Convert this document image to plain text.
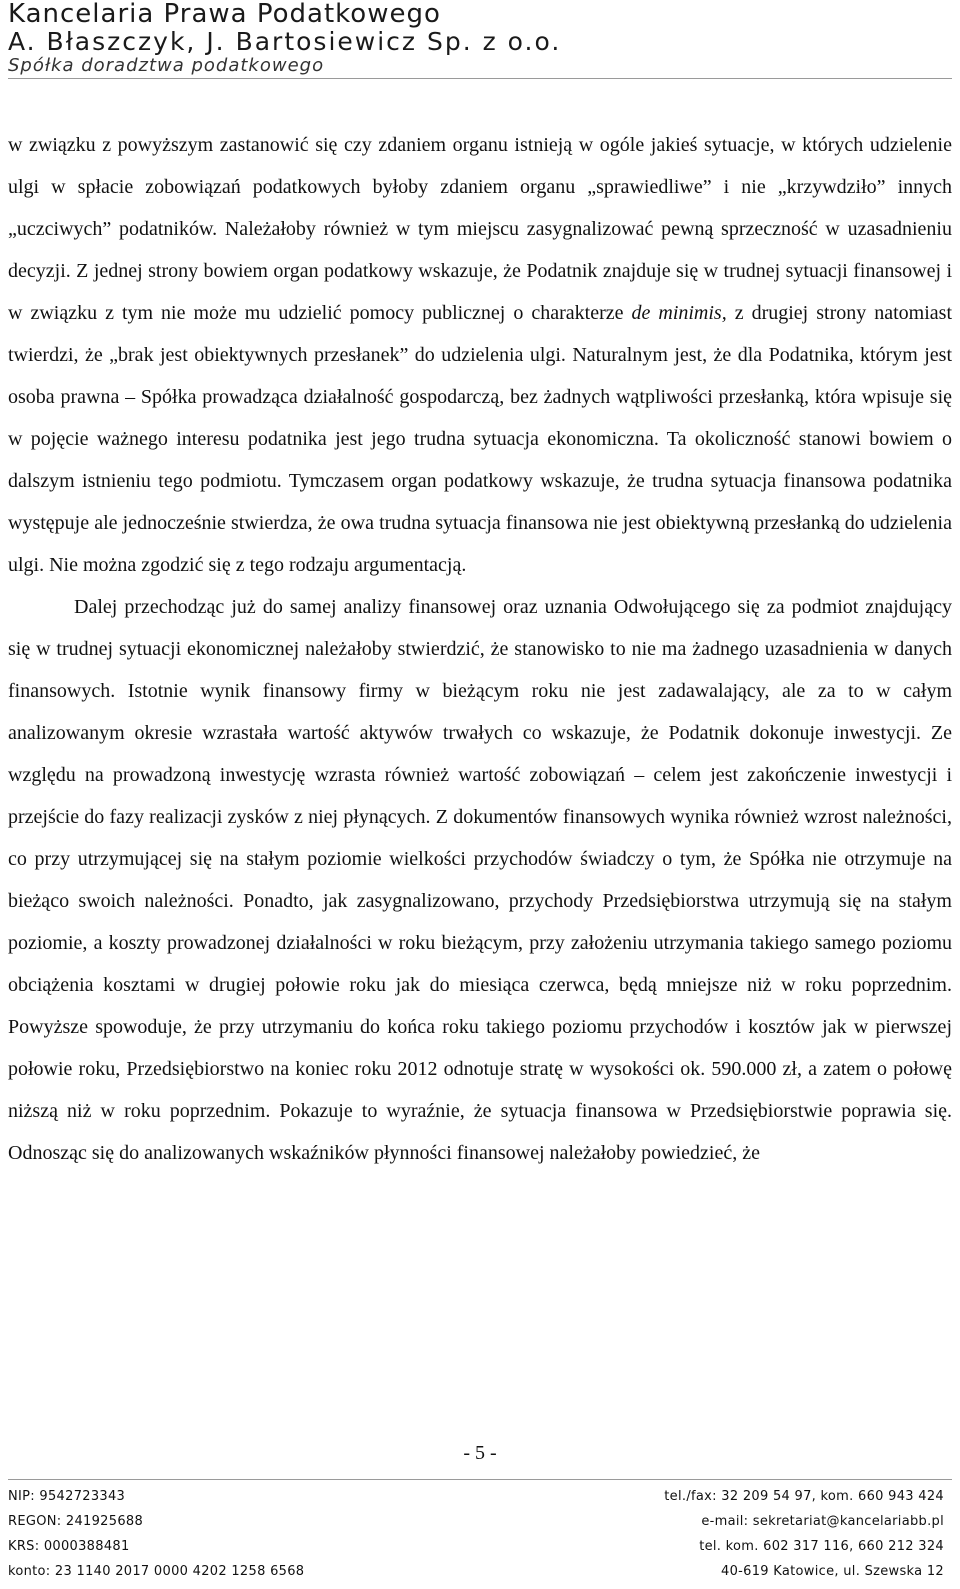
Kancelaria Prawa Podatkowego
A. Błaszczyk, J. Bartosiewicz Sp. z o.o.
Spółka doradztwa podatkowego

w związku z powyższym zastanowić się czy zdaniem organu istnieją w ogóle jakieś sytuacje, w których udzielenie ulgi w spłacie zobowiązań podatkowych byłoby zdaniem organu „sprawiedliwe” i nie „krzywdziło” innych „uczciwych” podatników. Należałoby również w tym miejscu zasygnalizować pewną sprzeczność w uzasadnieniu decyzji. Z jednej strony bowiem organ podatkowy wskazuje, że Podatnik znajduje się w trudnej sytuacji finansowej i w związku z tym nie może mu udzielić pomocy publicznej o charakterze de minimis, z drugiej strony natomiast twierdzi, że „brak jest obiektywnych przesłanek” do udzielenia ulgi. Naturalnym jest, że dla Podatnika, którym jest osoba prawna – Spółka prowadząca działalność gospodarczą, bez żadnych wątpliwości przesłanką, która wpisuje się w pojęcie ważnego interesu podatnika jest jego trudna sytuacja ekonomiczna. Ta okoliczność stanowi bowiem o dalszym istnieniu tego podmiotu. Tymczasem organ podatkowy wskazuje, że trudna sytuacja finansowa podatnika występuje ale jednocześnie stwierdza, że owa trudna sytuacja finansowa nie jest obiektywną przesłanką do udzielenia ulgi. Nie można zgodzić się z tego rodzaju argumentacją.

Dalej przechodząc już do samej analizy finansowej oraz uznania Odwołującego się za podmiot znajdujący się w trudnej sytuacji ekonomicznej należałoby stwierdzić, że stanowisko to nie ma żadnego uzasadnienia w danych finansowych. Istotnie wynik finansowy firmy w bieżącym roku nie jest zadawalający, ale za to w całym analizowanym okresie wzrastała wartość aktywów trwałych co wskazuje, że Podatnik dokonuje inwestycji. Ze względu na prowadzoną inwestycję wzrasta również wartość zobowiązań – celem jest zakończenie inwestycji i przejście do fazy realizacji zysków z niej płynących. Z dokumentów finansowych wynika również wzrost należności, co przy utrzymującej się na stałym poziomie wielkości przychodów świadczy o tym, że Spółka nie otrzymuje na bieżąco swoich należności. Ponadto, jak zasygnalizowano, przychody Przedsiębiorstwa utrzymują się na stałym poziomie, a koszty prowadzonej działalności w roku bieżącym, przy założeniu utrzymania takiego samego poziomu obciążenia kosztami w drugiej połowie roku jak do miesiąca czerwca, będą mniejsze niż w roku poprzednim. Powyższe spowoduje, że przy utrzymaniu do końca roku takiego poziomu przychodów i kosztów jak w pierwszej połowie roku, Przedsiębiorstwo na koniec roku 2012 odnotuje stratę w wysokości ok. 590.000 zł, a zatem o połowę niższą niż w roku poprzednim. Pokazuje to wyraźnie, że sytuacja finansowa w Przedsiębiorstwie poprawia się. Odnosząc się do analizowanych wskaźników płynności finansowej należałoby powiedzieć, że

- 5 -
NIP: 9542723343
REGON: 241925688
KRS: 0000388481
konto: 23 1140 2017 0000 4202 1258 6568
tel./fax: 32 209 54 97, kom. 660 943 424
e-mail: sekretariat@kancelariabb.pl
tel. kom. 602 317 116, 660 212 324
40-619 Katowice, ul. Szewska 12
